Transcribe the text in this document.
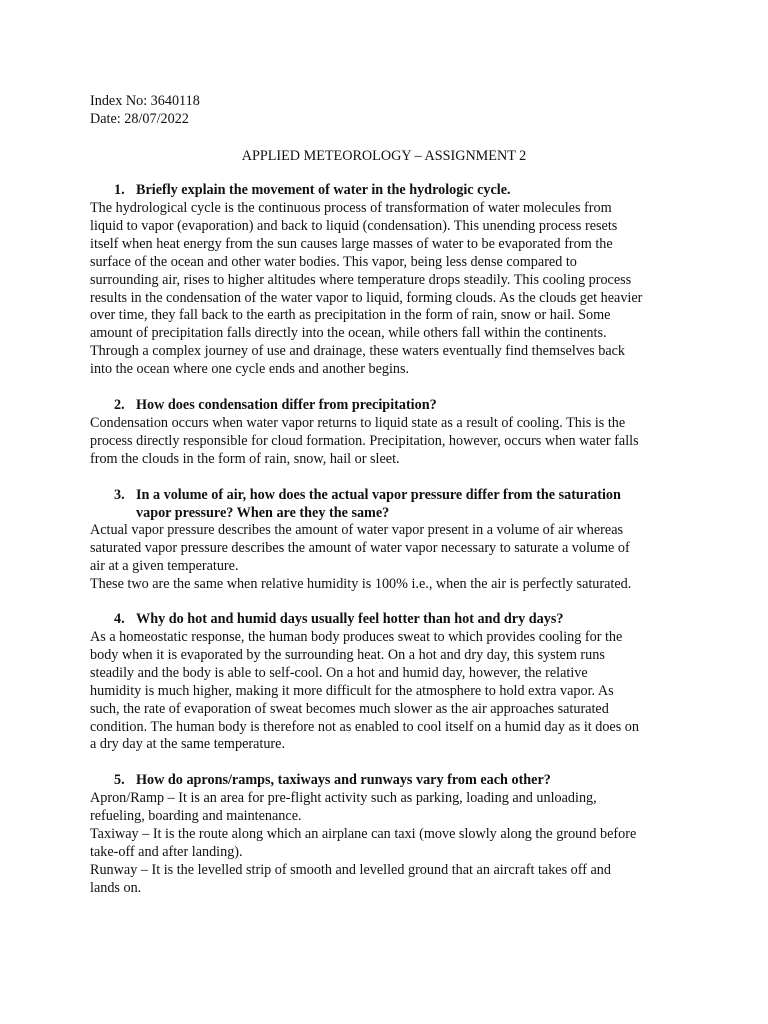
Index No: 3640118
Date: 28/07/2022

APPLIED METEOROLOGY – ASSIGNMENT 2

1. Briefly explain the movement of water in the hydrologic cycle.
The hydrological cycle is the continuous process of transformation of water molecules from
liquid to vapor (evaporation) and back to liquid (condensation). This unending process resets
itself when heat energy from the sun causes large masses of water to be evaporated from the
surface of the ocean and other water bodies. This vapor, being less dense compared to
surrounding air, rises to higher altitudes where temperature drops steadily. This cooling process
results in the condensation of the water vapor to liquid, forming clouds. As the clouds get heavier
over time, they fall back to the earth as precipitation in the form of rain, snow or hail. Some
amount of precipitation falls directly into the ocean, while others fall within the continents.
Through a complex journey of use and drainage, these waters eventually find themselves back
into the ocean where one cycle ends and another begins.
2. How does condensation differ from precipitation?
Condensation occurs when water vapor returns to liquid state as a result of cooling. This is the
process directly responsible for cloud formation. Precipitation, however, occurs when water falls
from the clouds in the form of rain, snow, hail or sleet.
3. In a volume of air, how does the actual vapor pressure differ from the saturation
vapor pressure? When are they the same?
Actual vapor pressure describes the amount of water vapor present in a volume of air whereas
saturated vapor pressure describes the amount of water vapor necessary to saturate a volume of
air at a given temperature.
These two are the same when relative humidity is 100% i.e., when the air is perfectly saturated.
4. Why do hot and humid days usually feel hotter than hot and dry days?
As a homeostatic response, the human body produces sweat to which provides cooling for the
body when it is evaporated by the surrounding heat. On a hot and dry day, this system runs
steadily and the body is able to self-cool. On a hot and humid day, however, the relative
humidity is much higher, making it more difficult for the atmosphere to hold extra vapor. As
such, the rate of evaporation of sweat becomes much slower as the air approaches saturated
condition. The human body is therefore not as enabled to cool itself on a humid day as it does on
a dry day at the same temperature.
5. How do aprons/ramps, taxiways and runways vary from each other?
Apron/Ramp – It is an area for pre-flight activity such as parking, loading and unloading,
refueling, boarding and maintenance.
Taxiway – It is the route along which an airplane can taxi (move slowly along the ground before
take-off and after landing).
Runway – It is the levelled strip of smooth and levelled ground that an aircraft takes off and
lands on.
